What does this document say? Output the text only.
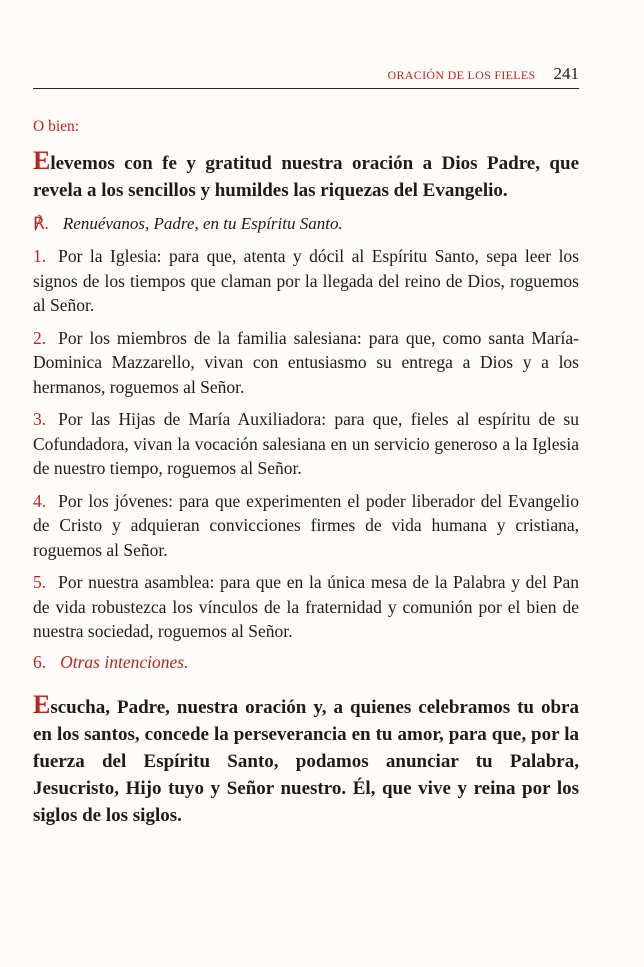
ORACIÓN DE LOS FIELES 241

O bien:

Elevemos con fe y gratitud nuestra oración a Dios Padre, que revela a los sencillos y humildes las riquezas del Evangelio.

℟. Renuévanos, Padre, en tu Espíritu Santo.

1. Por la Iglesia: para que, atenta y dócil al Espíritu Santo, sepa leer los signos de los tiempos que claman por la llegada del reino de Dios, roguemos al Señor.

2. Por los miembros de la familia salesiana: para que, como santa María-Dominica Mazzarello, vivan con entusiasmo su entrega a Dios y a los hermanos, roguemos al Señor.

3. Por las Hijas de María Auxiliadora: para que, fieles al espíritu de su Cofundadora, vivan la vocación salesiana en un servicio generoso a la Iglesia de nuestro tiempo, roguemos al Señor.

4. Por los jóvenes: para que experimenten el poder liberador del Evangelio de Cristo y adquieran convicciones firmes de vida humana y cristiana, roguemos al Señor.

5. Por nuestra asamblea: para que en la única mesa de la Palabra y del Pan de vida robustezca los vínculos de la fraternidad y comunión por el bien de nuestra sociedad, roguemos al Señor.

6. Otras intenciones.

Escucha, Padre, nuestra oración y, a quienes celebramos tu obra en los santos, concede la perseverancia en tu amor, para que, por la fuerza del Espíritu Santo, podamos anunciar tu Palabra, Jesucristo, Hijo tuyo y Señor nuestro. Él, que vive y reina por los siglos de los siglos.
